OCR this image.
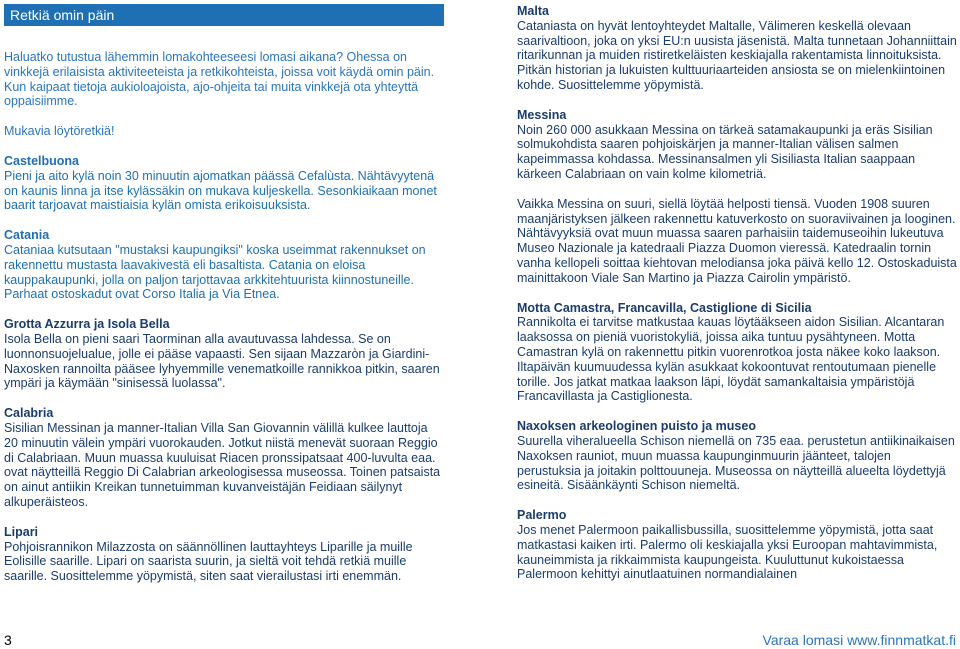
Retkiä omin päin

Haluatko tutustua lähemmin lomakohteeseesi lomasi aikana? Ohessa on vinkkejä erilaisista aktiviteeteista ja retkikohteista, joissa voit käydä omin päin. Kun kaipaat tietoja aukioloajoista, ajo-ohjeita tai muita vinkkejä ota yhteyttä oppaisiimme.

Mukavia löytöretkiä!

Castelbuona

Pieni ja aito kylä noin 30 minuutin ajomatkan päässä Cefalùsta. Nähtävyytenä on kaunis linna ja itse kylässäkin on mukava kuljeskella. Sesonkiaikaan monet baarit tarjoavat maistiaisia kylän omista erikoisuuksista.

Catania

Cataniaa kutsutaan "mustaksi kaupungiksi" koska useimmat rakennukset on rakennettu mustasta laavakivestä eli basaltista. Catania on eloisa kauppakaupunki, jolla on paljon tarjottavaa arkkitehtuurista kiinnostuneille. Parhaat ostoskadut ovat Corso Italia ja Via Etnea.

Grotta Azzurra ja Isola Bella

Isola Bella on pieni saari Taorminan alla avautuvassa lahdessa. Se on luonnonsuojelualue, jolle ei pääse vapaasti. Sen sijaan Mazzaròn ja Giardini-Naxosken rannoilta pääsee lyhyemmille venematkoille rannikkoa pitkin, saaren ympäri ja käymään "sinisessä luolassa".

Calabria

Sisilian Messinan ja manner-Italian Villa San Giovannin välillä kulkee lauttoja 20 minuutin välein ympäri vuorokauden. Jotkut niistä menevät suoraan Reggio di Calabriaan. Muun muassa kuuluisat Riacen pronssipatsaat 400-luvulta eaa. ovat näytteillä Reggio Di Calabrian arkeologisessa museossa. Toinen patsaista on ainut antiikin Kreikan tunnetuimman kuvanveistäjän Feidiaan säilynyt alkuperäisteos.

Lipari

Pohjoisrannikon Milazzosta on säännöllinen lauttayhteys Liparille ja muille Eolisille saarille. Lipari on saarista suurin, ja sieltä voit tehdä retkiä muille saarille. Suosittelemme yöpymistä, siten saat vierailustasi irti enemmän.

Malta

Cataniasta on hyvät lentoyhteydet Maltalle, Välimeren keskellä olevaan saarivaltioon, joka on yksi EU:n uusista jäsenistä. Malta tunnetaan Johanniittain ritarikunnan ja muiden ristiretkeläisten keskiajalla rakentamista linnoituksista. Pitkän historian ja lukuisten kulttuuriaarteiden ansiosta se on mielenkiintoinen kohde. Suosittelemme yöpymistä.

Messina

Noin 260 000 asukkaan Messina on tärkeä satamakaupunki ja eräs Sisilian solmukohdista saaren pohjoiskärjen ja manner-Italian välisen salmen kapeimmassa kohdassa. Messinansalmen yli Sisiliasta Italian saappaan kärkeen Calabriaan on vain kolme kilometriä.

Vaikka Messina on suuri, siellä löytää helposti tiensä. Vuoden 1908 suuren maanjäristyksen jälkeen rakennettu katuverkosto on suoraviivainen ja looginen. Nähtävyyksiä ovat muun muassa saaren parhaisiin taidemuseoihin lukeutuva Museo Nazionale ja katedraali Piazza Duomon vieressä. Katedraalin tornin vanha kellopeli soittaa kiehtovan melodiansa joka päivä kello 12. Ostoskaduista mainittakoon Viale San Martino ja Piazza Cairolin ympäristö.

Motta Camastra, Francavilla, Castiglione di Sicilia

Rannikolta ei tarvitse matkustaa kauas löytääkseen aidon Sisilian. Alcantaran laaksossa on pieniä vuoristokyliä, joissa aika tuntuu pysähtyneen. Motta Camastran kylä on rakennettu pitkin vuorenrotkoa josta näkee koko laakson. Iltapäivän kuumuudessa kylän asukkaat kokoontuvat rentoutumaan pienelle torille. Jos jatkat matkaa laakson läpi, löydät samankaltaisia ympäristöjä Francavillasta ja Castiglionesta.

Naxoksen arkeologinen puisto ja museo

Suurella viheralueella Schison niemellä on 735 eaa. perustetun antiikinaikaisen Naxoksen rauniot, muun muassa kaupunginmuurin jäänteet, talojen perustuksia ja joitakin polttouuneja. Museossa on näytteillä alueelta löydettyjä esineitä. Sisäänkäynti Schison niemeltä.

Palermo

Jos menet Palermoon paikallisbussilla, suosittelemme yöpymistä, jotta saat matkastasi kaiken irti. Palermo oli keskiajalla yksi Euroopan mahtavimmista, kauneimmista ja rikkaimmista kaupungeista. Kuuluttunut kukoistaessa Palermoon kehittyi ainutlaatuinen normandialainen

3	Varaa lomasi www.finnmatkat.fi
